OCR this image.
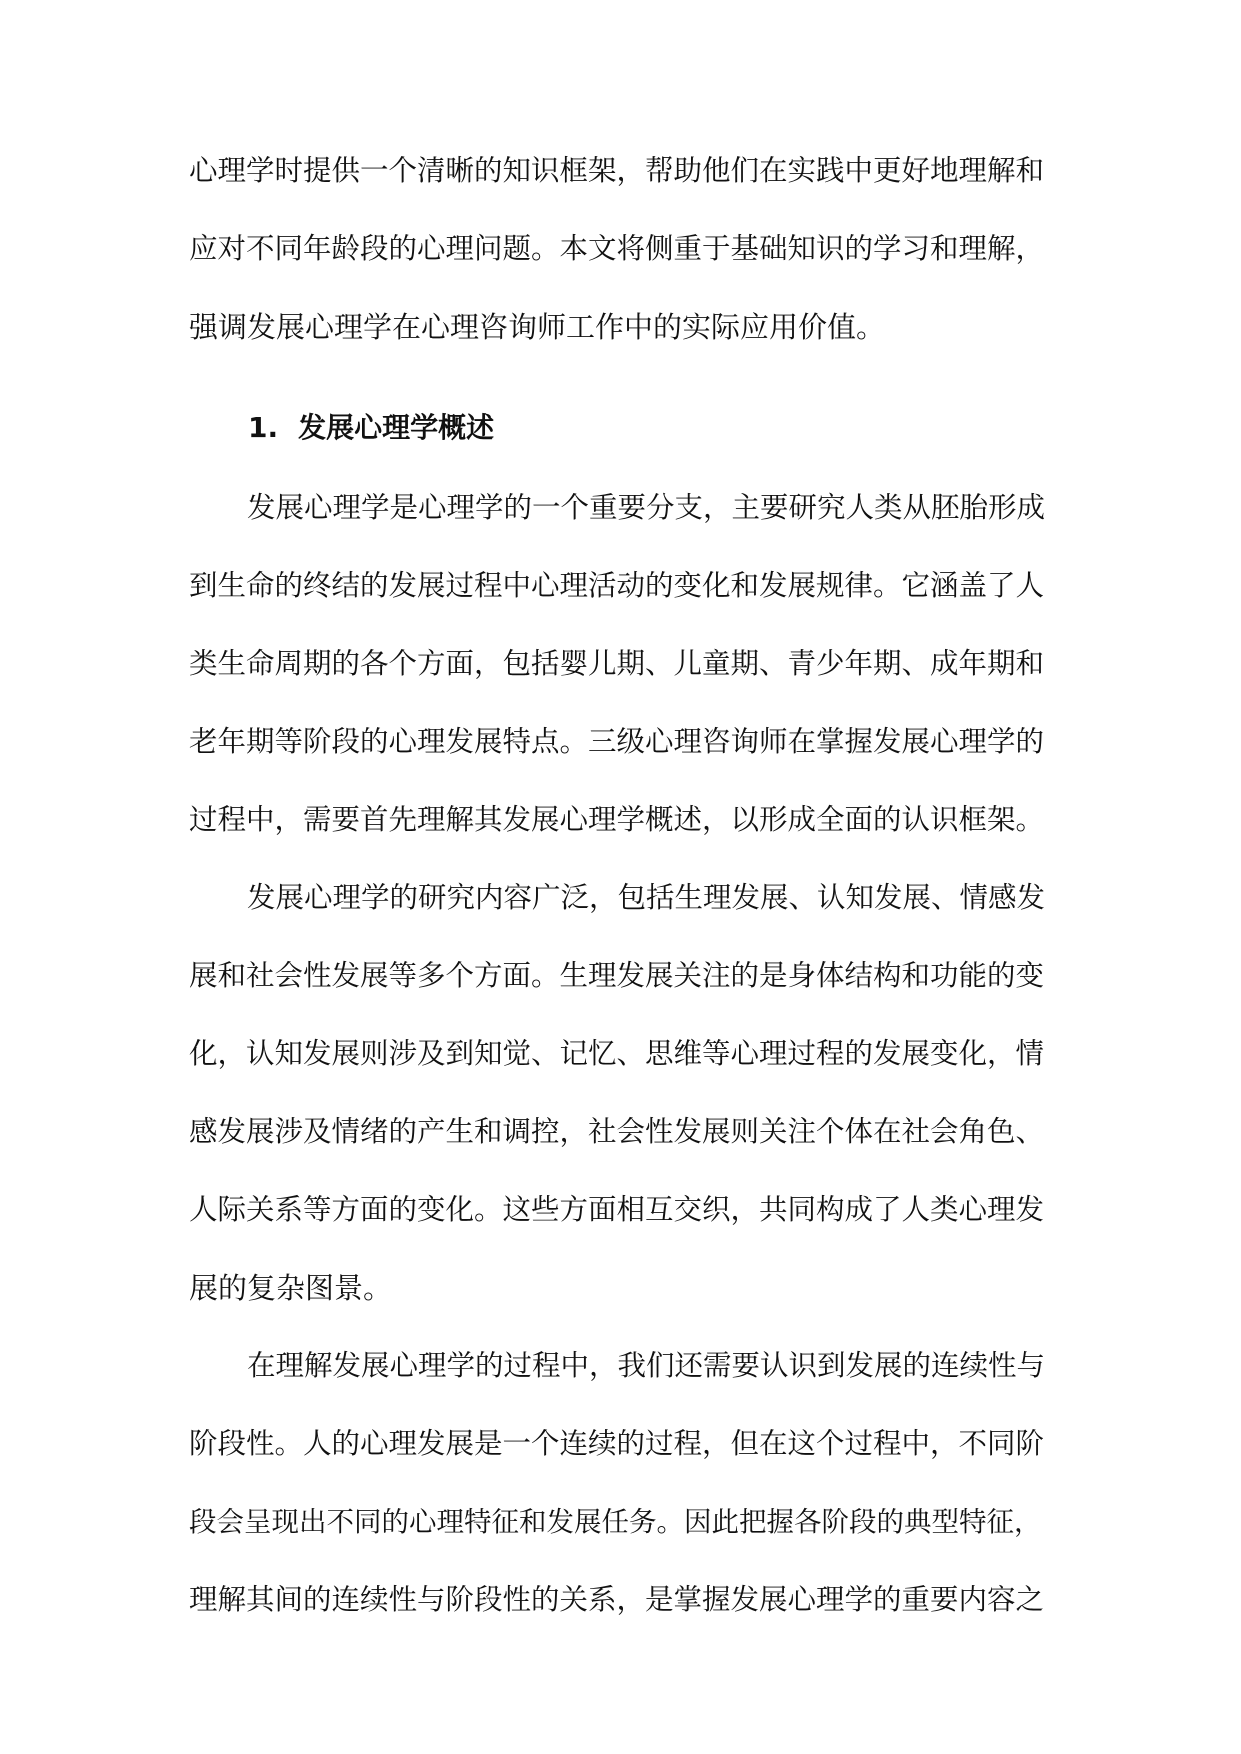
心理学时提供一个清晰的知识框架，帮助他们在实践中更好地理解和
应对不同年龄段的心理问题。本文将侧重于基础知识的学习和理解，
强调发展心理学在心理咨询师工作中的实际应用价值。
1. 发展心理学概述
发展心理学是心理学的一个重要分支，主要研究人类从胚胎形成
到生命的终结的发展过程中心理活动的变化和发展规律。它涵盖了人
类生命周期的各个方面，包括婴儿期、儿童期、青少年期、成年期和
老年期等阶段的心理发展特点。三级心理咨询师在掌握发展心理学的
过程中，需要首先理解其发展心理学概述，以形成全面的认识框架。
发展心理学的研究内容广泛，包括生理发展、认知发展、情感发
展和社会性发展等多个方面。生理发展关注的是身体结构和功能的变
化，认知发展则涉及到知觉、记忆、思维等心理过程的发展变化，情
感发展涉及情绪的产生和调控，社会性发展则关注个体在社会角色、
人际关系等方面的变化。这些方面相互交织，共同构成了人类心理发
展的复杂图景。
在理解发展心理学的过程中，我们还需要认识到发展的连续性与
阶段性。人的心理发展是一个连续的过程，但在这个过程中，不同阶
段会呈现出不同的心理特征和发展任务。因此把握各阶段的典型特征，
理解其间的连续性与阶段性的关系，是掌握发展心理学的重要内容之
